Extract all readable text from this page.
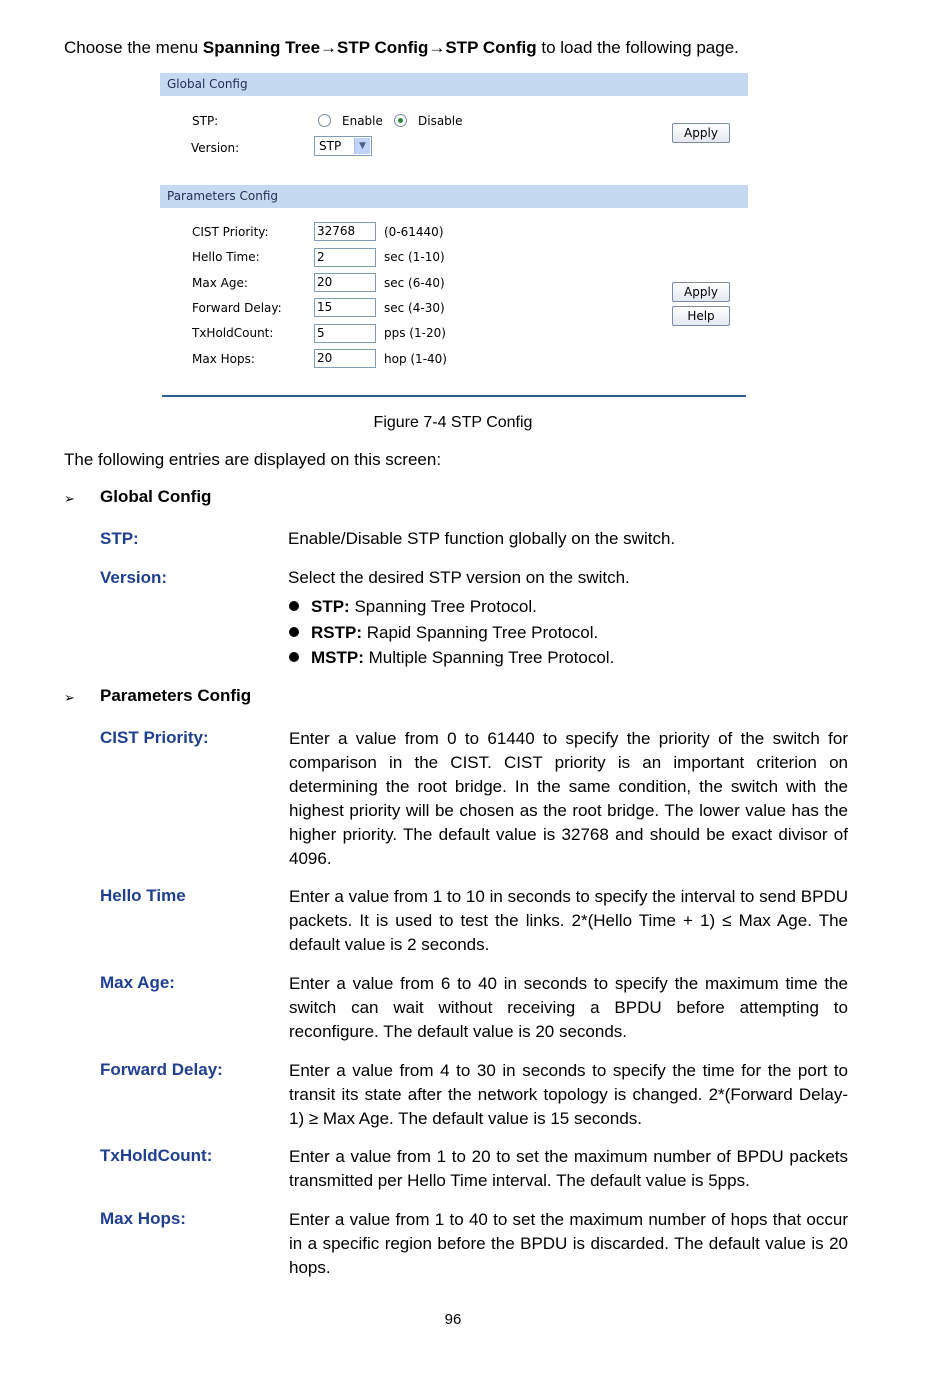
Choose the menu Spanning Tree→STP Config→STP Config to load the following page.
Global Config
STP:	Enable	Disable
Version:	STP	▼
Apply
Parameters Config
CIST Priority:	32768	(0-61440)
Hello Time:	2	sec (1-10)
Max Age:	20	sec (6-40)
Forward Delay:	15	sec (4-30)
TxHoldCount:	5	pps (1-20)
Max Hops:	20	hop (1-40)
Apply
Help
Figure 7-4 STP Config
The following entries are displayed on this screen:
➢ Global Config
STP:	Enable/Disable STP function globally on the switch.
Version:	Select the desired STP version on the switch.
STP: Spanning Tree Protocol.
RSTP: Rapid Spanning Tree Protocol.
MSTP: Multiple Spanning Tree Protocol.
➢ Parameters Config
CIST Priority:	Enter a value from 0 to 61440 to specify the priority of the switch for comparison in the CIST. CIST priority is an important criterion on determining the root bridge. In the same condition, the switch with the highest priority will be chosen as the root bridge. The lower value has the higher priority. The default value is 32768 and should be exact divisor of 4096.
Hello Time	Enter a value from 1 to 10 in seconds to specify the interval to send BPDU packets. It is used to test the links. 2*(Hello Time + 1) ≤ Max Age. The default value is 2 seconds.
Max Age:	Enter a value from 6 to 40 in seconds to specify the maximum time the switch can wait without receiving a BPDU before attempting to reconfigure. The default value is 20 seconds.
Forward Delay:	Enter a value from 4 to 30 in seconds to specify the time for the port to transit its state after the network topology is changed. 2*(Forward Delay-1) ≥ Max Age. The default value is 15 seconds.
TxHoldCount:	Enter a value from 1 to 20 to set the maximum number of BPDU packets transmitted per Hello Time interval. The default value is 5pps.
Max Hops:	Enter a value from 1 to 40 to set the maximum number of hops that occur in a specific region before the BPDU is discarded. The default value is 20 hops.
96
